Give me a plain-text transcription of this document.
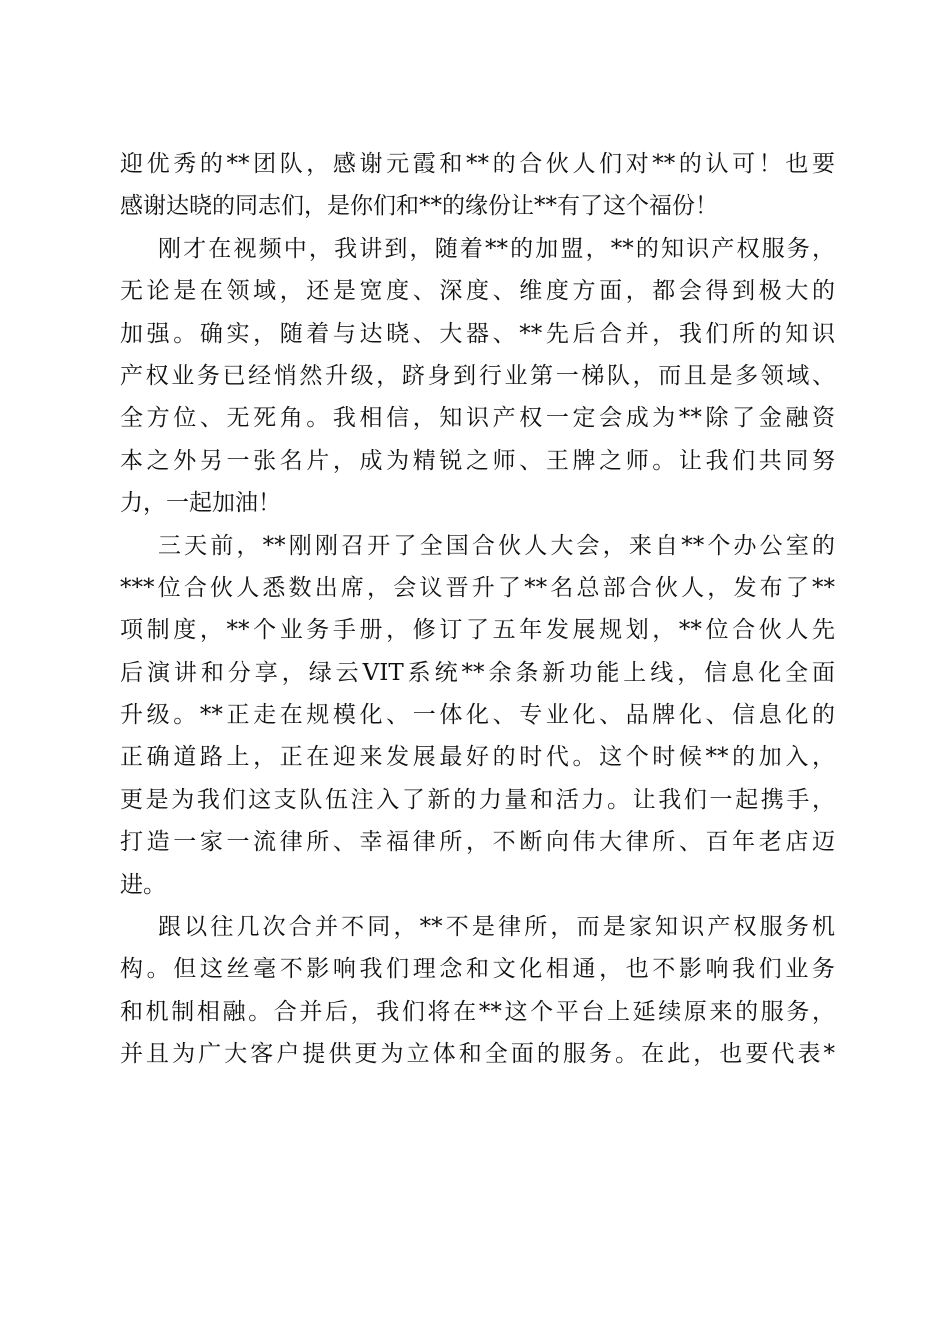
迎优秀的**团队，感谢元霞和**的合伙人们对**的认可！也要
感谢达晓的同志们，是你们和**的缘份让**有了这个福份！
刚才在视频中，我讲到，随着**的加盟，**的知识产权服务，
无论是在领域，还是宽度、深度、维度方面，都会得到极大的
加强。确实，随着与达晓、大器、**先后合并，我们所的知识
产权业务已经悄然升级，跻身到行业第一梯队，而且是多领域、
全方位、无死角。我相信，知识产权一定会成为**除了金融资
本之外另一张名片，成为精锐之师、王牌之师。让我们共同努
力，一起加油！
三天前，**刚刚召开了全国合伙人大会，来自**个办公室的
***位合伙人悉数出席，会议晋升了**名总部合伙人，发布了**
项制度，**个业务手册，修订了五年发展规划，**位合伙人先
后演讲和分享，绿云VIT系统**余条新功能上线，信息化全面
升级。**正走在规模化、一体化、专业化、品牌化、信息化的
正确道路上，正在迎来发展最好的时代。这个时候**的加入，
更是为我们这支队伍注入了新的力量和活力。让我们一起携手，
打造一家一流律所、幸福律所，不断向伟大律所、百年老店迈
进。
跟以往几次合并不同，**不是律所，而是家知识产权服务机
构。但这丝毫不影响我们理念和文化相通，也不影响我们业务
和机制相融。合并后，我们将在**这个平台上延续原来的服务，
并且为广大客户提供更为立体和全面的服务。在此，也要代表*
